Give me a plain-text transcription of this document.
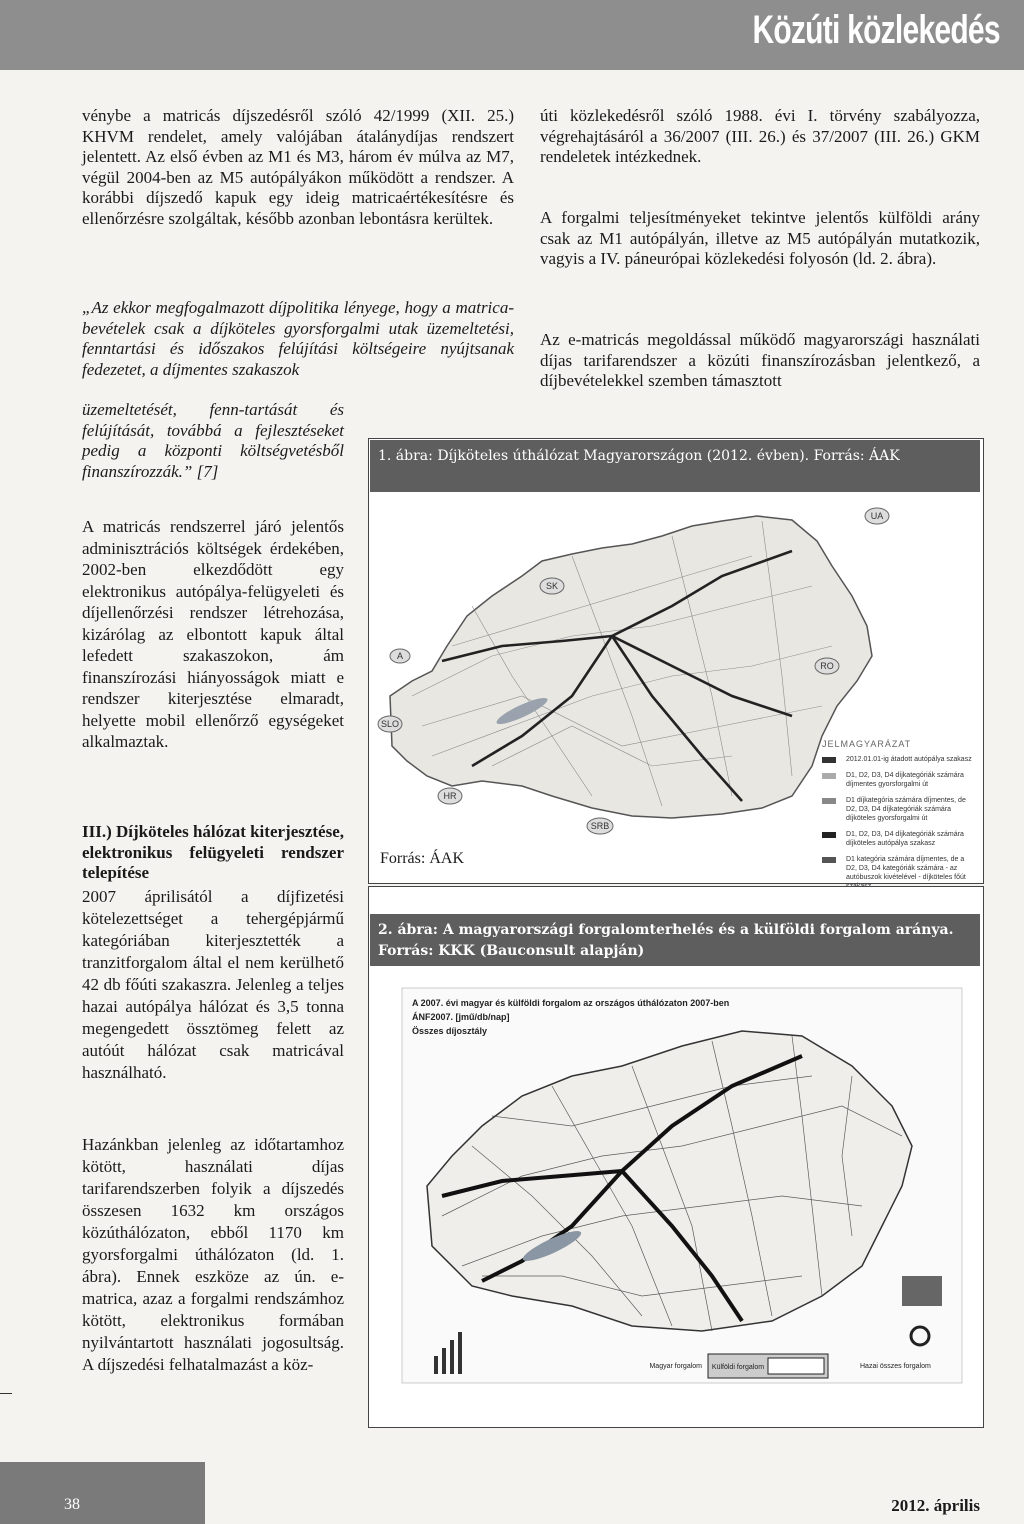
Közúti közlekedés

vénybe a matricás díjszedésről szóló 42/1999 (XII. 25.) KHVM rendelet, amely valójában átalánydíjas rendszert jelentett. Az első évben az M1 és M3, három év múlva az M7, végül 2004-ben az M5 autópályákon működött a rendszer. A korábbi díjszedő kapuk egy ideig matricaértékesítésre és ellenőrzésre szolgáltak, később azonban lebontásra kerültek.

„Az ekkor megfogalmazott díjpolitika lényege, hogy a matrica-bevételek csak a díjköteles gyorsforgalmi utak üzemeltetési, fenntartási és időszakos felújítási költségeire nyújtsanak fedezetet, a díjmentes szakaszok

üzemeltetését, fenn-tartását és felújítását, továbbá a fejlesztéseket pedig a központi költségvetésből finanszírozzák.” [7]

A matricás rendszerrel járó jelentős adminisztrációs költségek érdekében, 2002-ben elkezdődött egy elektronikus autópálya-felügyeleti és díjellenőrzési rendszer létrehozása, kizárólag az elbontott kapuk által lefedett szakaszokon, ám finanszírozási hiányosságok miatt e rendszer kiterjesztése elmaradt, helyette mobil ellenőrző egységeket alkalmaztak.

III.) Díjköteles hálózat kiterjesztése, elektronikus felügyeleti rendszer telepítése

2007 áprilisától a díjfizetési kötelezettséget a tehergépjármű kategóriában kiterjesztették a tranzitforgalom által el nem kerülhető 42 db főúti szakaszra. Jelenleg a teljes hazai autópálya hálózat és 3,5 tonna megengedett össztömeg felett az autóút hálózat csak matricával használható.

Hazánkban jelenleg az időtartamhoz kötött, használati díjas tarifarendszerben folyik a díjszedés összesen 1632 km országos közúthálózaton, ebből 1170 km gyorsforgalmi úthálózaton (ld. 1. ábra). Ennek eszköze az ún. e-matrica, azaz a forgalmi rendszámhoz kötött, elektronikus formában nyilvántartott használati jogosultság. A díjszedési felhatalmazást a köz-

úti közlekedésről szóló 1988. évi I. törvény szabályozza, végrehajtásáról a 36/2007 (III. 26.) és 37/2007 (III. 26.) GKM rendeletek intézkednek.

A forgalmi teljesítményeket tekintve jelentős külföldi arány csak az M1 autópályán, illetve az M5 autópályán mutatkozik, vagyis a IV. páneurópai közlekedési folyosón (ld. 2. ábra).

Az e-matricás megoldással működő magyarországi használati díjas tarifarendszer a közúti finanszírozásban jelentkező, a díjbevételekkel szemben támasztott

1. ábra: Díjköteles úthálózat Magyarországon (2012. évben). Forrás: ÁAK
UA
SK
A
RO
SLO
HR
SRB
Forrás: ÁAK
JELMAGYARÁZAT
2012.01.01-ig átadott autópálya szakasz
D1, D2, D3, D4 díjkategóriák számára díjmentes gyorsforgalmi út
D1 díjkategória számára díjmentes, de D2, D3, D4 díjkategóriák számára díjköteles gyorsforgalmi út
D1, D2, D3, D4 díjkategóriák számára díjköteles autópálya szakasz
D1 kategória számára díjmentes, de a D2, D3, D4 kategóriák számára - az autóbuszok kivételével - díjköteles főút
2. ábra: A magyarországi forgalomterhelés és a külföldi forgalom aránya. Forrás: KKK (Bauconsult alapján)
A 2007. évi magyar és külföldi forgalom az országos úthálózaton 2007-ben
ÁNF2007. [jmű/db/nap]
Összes díjosztály
Magyar forgalom Külföldi forgalom	Hazai összes forgalom
38	2012. április
